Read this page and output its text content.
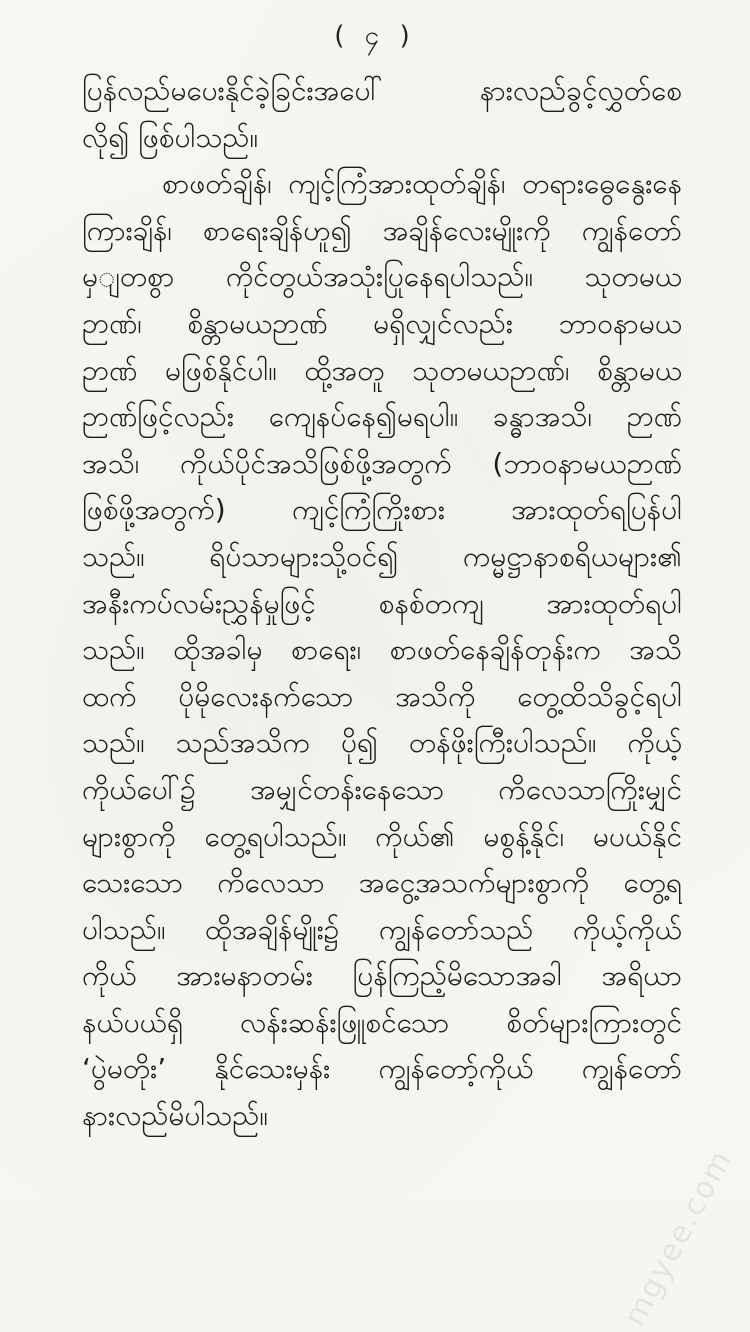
( ၄ )
ပြန်လည်မပေးနိုင်ခဲ့ခြင်းအပေါ် နားလည်ခွင့်လွှတ်စေ
လို၍ ဖြစ်ပါသည်။
စာဖတ်ချိန်၊ ကျင့်ကြံအားထုတ်ချိန်၊ တရားဓွေနွေးနေ
ကြားချိန်၊ စာရေးချိန်ဟူ၍ အချိန်လေးမျိုးကို ကျွန်တော်
မှျတစွာ ကိုင်တွယ်အသုံးပြုနေရပါသည်။ သုတမယ
ဉာဏ်၊ စိန္တာမယဉာဏ် မရှိလျှင်လည်း ဘာဝနာမယ
ဉာဏ် မဖြစ်နိုင်ပါ။ ထို့အတူ သုတမယဉာဏ်၊ စိန္တာမယ
ဉာဏ်ဖြင့်လည်း ကျေနပ်နေ၍မရပါ။ ခန္ဓာအသိ၊ ဉာဏ်
အသိ၊ ကိုယ်ပိုင်အသိဖြစ်ဖို့အတွက် (ဘာဝနာမယဉာဏ်
ဖြစ်ဖို့အတွက်) ကျင့်ကြံကြိုးစား အားထုတ်ရပြန်ပါ
သည်။ ရိပ်သာများသို့ဝင်၍ ကမ္မဋ္ဌာနာစရိယများ၏
အနီးကပ်လမ်းညွှန်မှုဖြင့် စနစ်တကျ အားထုတ်ရပါ
သည်။ ထိုအခါမှ စာရေး၊ စာဖတ်နေချိန်တုန်းက အသိ
ထက် ပိုမိုလေးနက်သော အသိကို တွေ့ထိသိခွင့်ရပါ
သည်။ သည်အသိက ပို၍ တန်ဖိုးကြီးပါသည်။ ကိုယ့်
ကိုယ်ပေါ်၌ အမျှင်တန်းနေသော ကိလေသာကြိုးမျှင်
များစွာကို တွေ့ရပါသည်။ ကိုယ်၏ မစွန့်နိုင်၊ မပယ်နိုင်
သေးသော ကိလေသာ အငွေ့အသက်များစွာကို တွေ့ရ
ပါသည်။ ထိုအချိန်မျိုး၌ ကျွန်တော်သည် ကိုယ့်ကိုယ်
ကိုယ် အားမနာတမ်း ပြန်ကြည့်မိသောအခါ အရိယာ
နယ်ပယ်ရှိ လန်းဆန်းဖြူစင်သော စိတ်များကြားတွင်
‘ပွဲမတိုး’ နိုင်သေးမှန်း ကျွန်တော့်ကိုယ် ကျွန်တော်
နားလည်မိပါသည်။
mgyee.com
